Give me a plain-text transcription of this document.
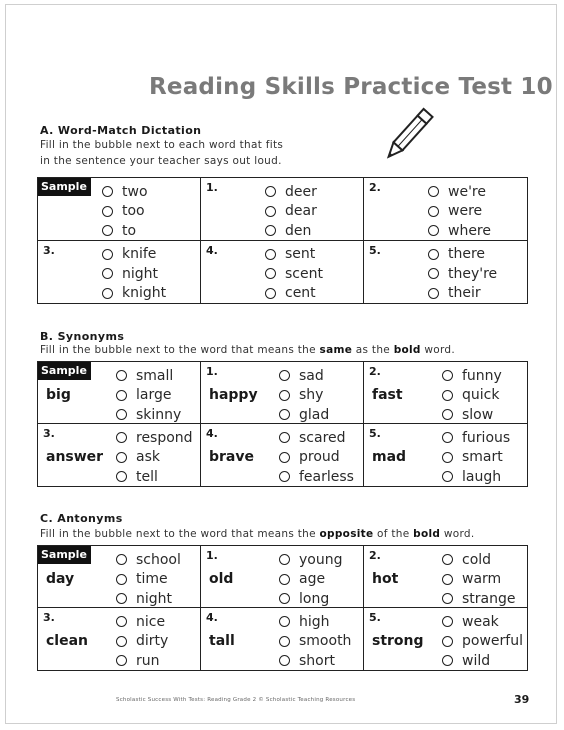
Reading Skills Practice Test 10
A. Word-Match Dictation
Fill in the bubble next to each word that fits
in the sentence your teacher says out loud.
Sample	two
too
to
1.	deer
dear
den
2.	we're
were
where
3.	knife
night
knight
4.	sent
scent
cent
5.	there
they're
their
B. Synonyms
Fill in the bubble next to the word that means the same as the bold word.
Sample
big
small
large
skinny
1.
happy
sad
shy
glad
2.
fast
funny
quick
slow
3.
answer
respond
ask
tell
4.
brave
scared
proud
fearless
5.
mad
furious
smart
laugh
C. Antonyms
Fill in the bubble next to the word that means the opposite of the bold word.
Sample
day
school
time
night
1.
old
young
age
long
2.
hot
cold
warm
strange
3.
clean
nice
dirty
run
4.
tall
high
smooth
short
5.
strong
weak
powerful
wild
Scholastic Success With Tests: Reading Grade 2 © Scholastic Teaching Resources	39
